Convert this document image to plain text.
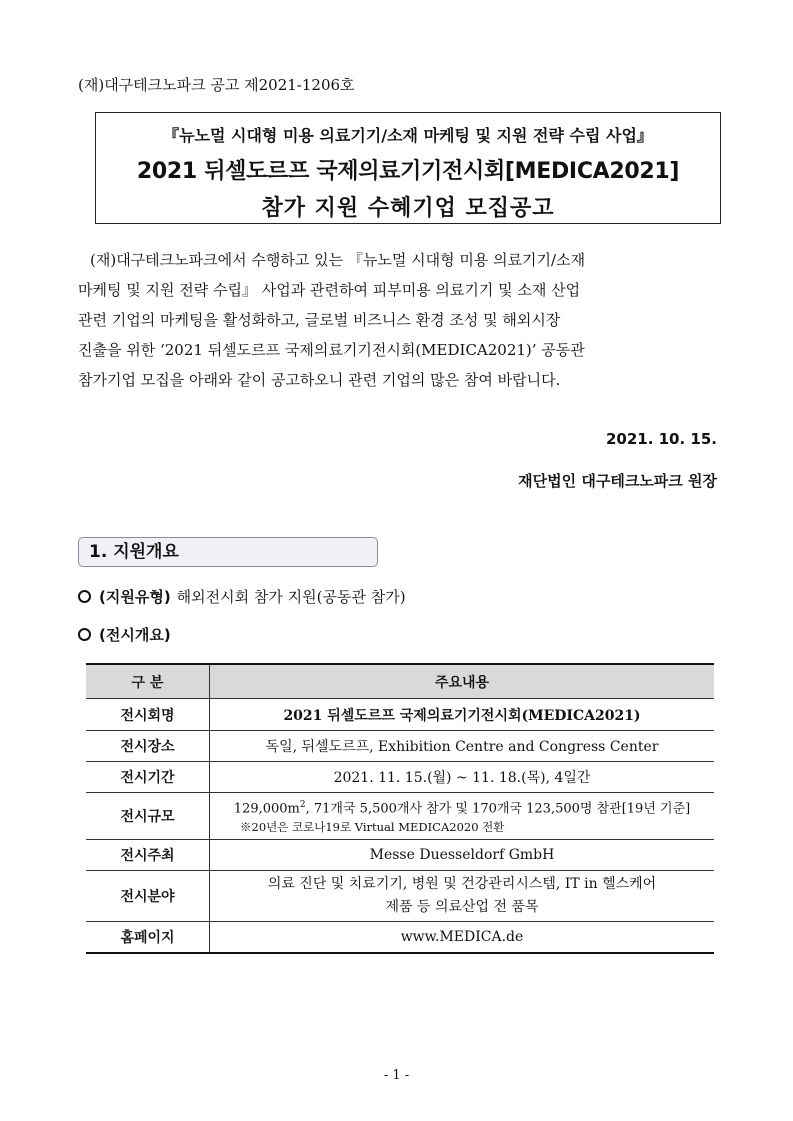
(재)대구테크노파크 공고 제2021-1206호
『뉴노멀 시대형 미용 의료기기/소재 마케팅 및 지원 전략 수립 사업』
2021 뒤셀도르프 국제의료기기전시회[MEDICA2021]
참가 지원 수혜기업 모집공고

(재)대구테크노파크에서 수행하고 있는 『뉴노멀 시대형 미용 의료기기/소재

마케팅 및 지원 전략 수립』 사업과 관련하여 피부미용 의료기기 및 소재 산업

관련 기업의 마케팅을 활성화하고, 글로벌 비즈니스 환경 조성 및 해외시장

진출을 위한 ‘2021 뒤셀도르프 국제의료기기전시회(MEDICA2021)’ 공동관

참가기업 모집을 아래와 같이 공고하오니 관련 기업의 많은 참여 바랍니다.

2021. 10. 15.
재단법인 대구테크노파크 원장
1. 지원개요
(지원유형) 해외전시회 참가 지원(공동관 참가)
(전시개요)
구 분	주요내용
전시회명	2021 뒤셀도르프 국제의료기기전시회(MEDICA2021)
전시장소	독일, 뒤셀도르프, Exhibition Centre and Congress Center
전시기간	2021. 11. 15.(월) ~ 11. 18.(목), 4일간
전시규모	$129,000m^2$, 71개국 5,500개사 참가 및 170개국 123,500명 참관[19년 기준]
※20년은 코로나19로 Virtual MEDICA2020 전환

전시주최	Messe Duesseldorf GmbH
전시분야	의료 진단 및 치료기기, 병원 및 건강관리시스템, IT in 헬스케어
제품 등 의료산업 전 품목

홈페이지	www.MEDICA.de
- 1 -
